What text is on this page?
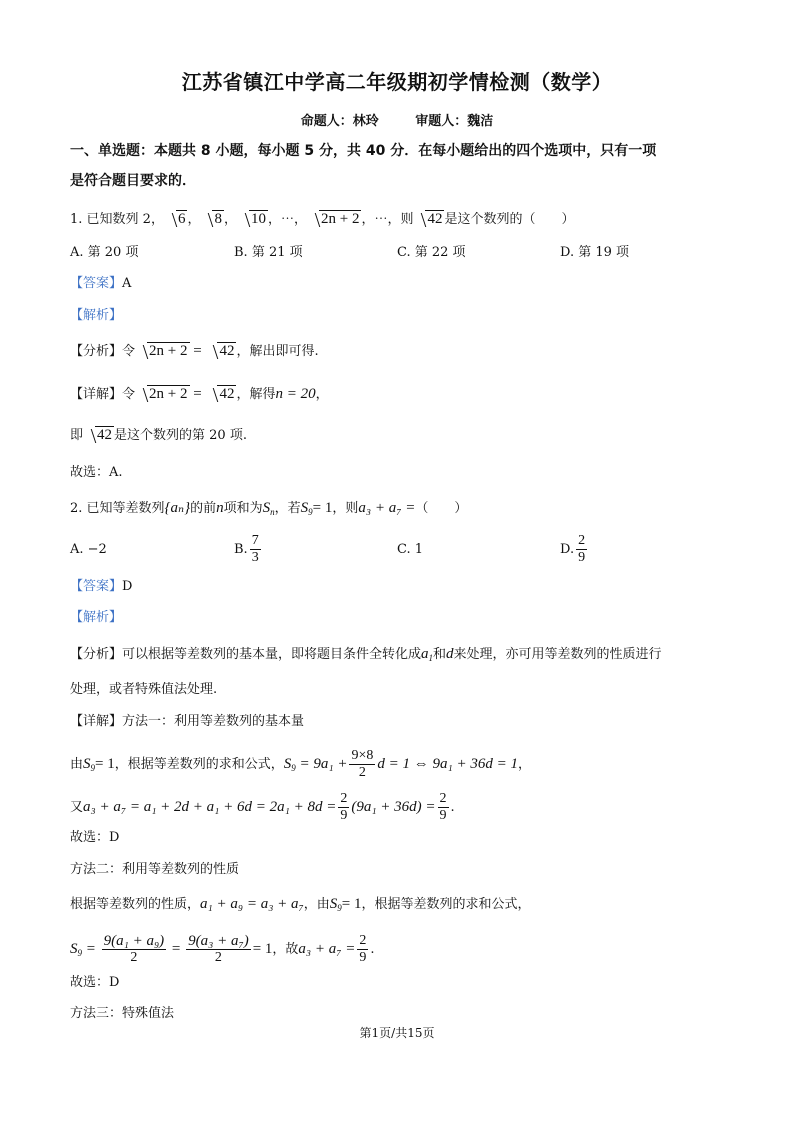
江苏省镇江中学高二年级期初学情检测（数学）
命题人：林玲	审题人：魏洁
一、单选题：本题共 8 小题，每小题 5 分，共 40 分．在每小题给出的四个选项中，只有一项
是符合题目要求的．
1. 已知数列 2， 6 ， 8 ， 10 ，⋯， 2n + 2 ，⋯，则 42 是这个数列的（　　）
A. 第 20 项	B. 第 21 项	C. 第 22 项	D. 第 19 项
【答案】A
【解析】
【分析】令 2n + 2 = 42 ，解出即可得.
【详解】令 2n + 2 = 42 ，解得n = 20，
即 42 是这个数列的第 20 项.
故选：A.
2. 已知等差数列{aₙ}的前n项和为$S_n$，若$S_9= 1$，则a₃ + a₇ =（　　）
A. −2	B. $\frac{7}{3}$	C. 1	D. $\frac{2}{9}$
【答案】D
【解析】
【分析】可以根据等差数列的基本量，即将题目条件全转化成$a_1$和d来处理，亦可用等差数列的性质进行
处理，或者特殊值法处理.
【详解】方法一：利用等差数列的基本量
由$S_9= 1$，根据等差数列的求和公式，$S_9 = 9a_1 + \frac{9\times 8}{2}$ d = 1 ⇔ 9a₁ + 36d = 1，
又$a_3 + a_7 = a_1 + 2d + a_1 + 6d = 2a_1 + 8d = \frac{2}{9} (9a_1 + 36d) = \frac{2}{9}$ .
故选：D
方法二：利用等差数列的性质
根据等差数列的性质，a₁ + a₉ = a₃ + a₇，由$S_9= 1$，根据等差数列的求和公式，
$S_9 = \frac{\text{9(a₁ + a₉)}}{2} = \frac{\text{9(a₃ + a₇)}}{2} = 1$，故$a_3 + a_7 = \frac{2}{9}$ .
故选：D
方法三：特殊值法
第1页/共15页
